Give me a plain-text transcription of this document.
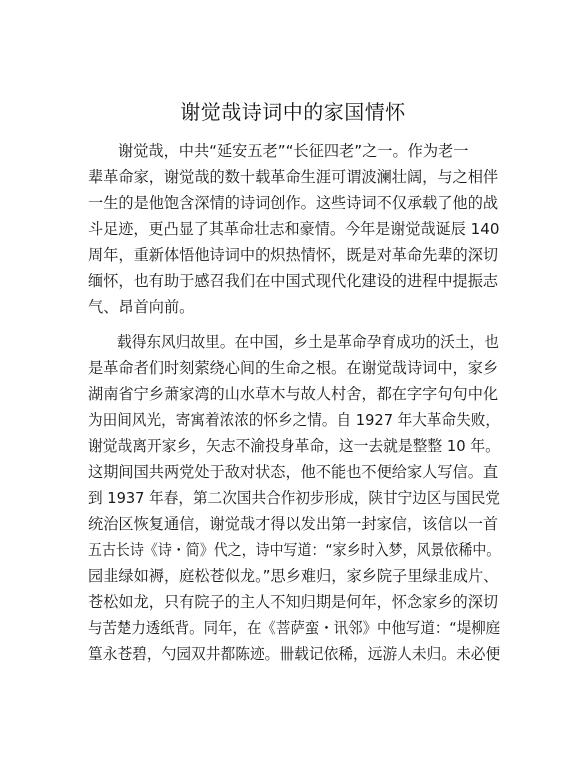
谢觉哉诗词中的家国情怀

谢觉哉，中共“延安五老”“长征四老”之一。作为老一
辈革命家，谢觉哉的数十载革命生涯可谓波澜壮阔，与之相伴
一生的是他饱含深情的诗词创作。这些诗词不仅承载了他的战
斗足迹，更凸显了其革命壮志和豪情。今年是谢觉哉诞辰 140
周年，重新体悟他诗词中的炽热情怀，既是对革命先辈的深切
缅怀，也有助于感召我们在中国式现代化建设的进程中提振志
气、昂首向前。

载得东风归故里。在中国，乡土是革命孕育成功的沃土，也
是革命者们时刻萦绕心间的生命之根。在谢觉哉诗词中，家乡
湖南省宁乡萧家湾的山水草木与故人村舍，都在字字句句中化
为田间风光，寄寓着浓浓的怀乡之情。自 1927 年大革命失败，
谢觉哉离开家乡，矢志不渝投身革命，这一去就是整整 10 年。
这期间国共两党处于敌对状态，他不能也不便给家人写信。直
到 1937 年春，第二次国共合作初步形成，陕甘宁边区与国民党
统治区恢复通信，谢觉哉才得以发出第一封家信，该信以一首
五古长诗《诗・简》代之，诗中写道：“家乡时入梦，风景依稀中。
园韭绿如褥，庭松苍似龙。”思乡难归，家乡院子里绿韭成片、
苍松如龙，只有院子的主人不知归期是何年，怀念家乡的深切
与苦楚力透纸背。同年，在《菩萨蛮・讯邻》中他写道：“堤柳庭
篁永苍碧，勺园双井都陈迹。卌载记依稀，远游人未归。未必便
